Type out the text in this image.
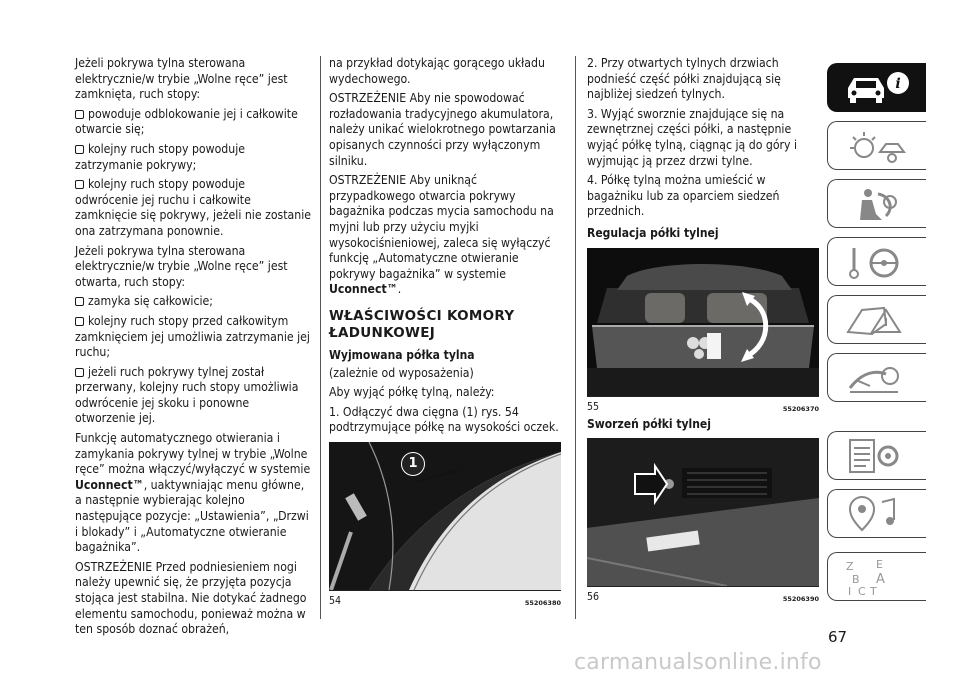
Jeżeli pokrywa tylna sterowana elektrycznie/w trybie „Wolne ręce” jest zamknięta, ruch stopy:

powoduje odblokowanie jej i całkowite otwarcie się;

kolejny ruch stopy powoduje zatrzymanie pokrywy;

kolejny ruch stopy powoduje odwrócenie jej ruchu i całkowite zamknięcie się pokrywy, jeżeli nie zostanie ona zatrzymana ponownie.

Jeżeli pokrywa tylna sterowana elektrycznie/w trybie „Wolne ręce” jest otwarta, ruch stopy:

zamyka się całkowicie;

kolejny ruch stopy przed całkowitym zamknięciem jej umożliwia zatrzymanie jej ruchu;

jeżeli ruch pokrywy tylnej został przerwany, kolejny ruch stopy umożliwia odwrócenie jej skoku i ponowne otworzenie jej.

Funkcję automatycznego otwierania i zamykania pokrywy tylnej w trybie „Wolne ręce” można włączyć/wyłączyć w systemie Uconnect™, uaktywniając menu główne, a następnie wybierając kolejno następujące pozycje: „Ustawienia”, „Drzwi i blokady” i „Automatyczne otwieranie bagażnika”.

OSTRZEŻENIE Przed podniesieniem nogi należy upewnić się, że przyjęta pozycja stojąca jest stabilna. Nie dotykać żadnego elementu samochodu, ponieważ można w ten sposób doznać obrażeń,

na przykład dotykając gorącego układu wydechowego.

OSTRZEŻENIE Aby nie spowodować rozładowania tradycyjnego akumulatora, należy unikać wielokrotnego powtarzania opisanych czynności przy wyłączonym silniku.

OSTRZEŻENIE Aby uniknąć przypadkowego otwarcia pokrywy bagażnika podczas mycia samochodu na myjni lub przy użyciu myjki wysokociśnieniowej, zaleca się wyłączyć funkcję „Automatyczne otwieranie pokrywy bagażnika” w systemie Uconnect™.

WŁAŚCIWOŚCI KOMORY ŁADUNKOWEJ
Wyjmowana półka tylna

(zależnie od wyposażenia)

Aby wyjąć półkę tylną, należy:

1. Odłączyć dwa cięgna (1) rys. 54 podtrzymujące półkę na wysokości oczek.

1
54	55206380

2. Przy otwartych tylnych drzwiach podnieść część półki znajdującą się najbliżej siedzeń tylnych.

3. Wyjąć sworznie znajdujące się na zewnętrznej części półki, a następnie wyjąć półkę tylną, ciągnąc ją do góry i wyjmując ją przez drzwi tylne.

4. Półkę tylną można umieścić w bagażniku lub za oparciem siedzeń przednich.

Regulacja półki tylnej
55	55206370
Sworzeń półki tylnej
56	55206390
i
Z E
B A
I C T
67
carmanualsonline.info
